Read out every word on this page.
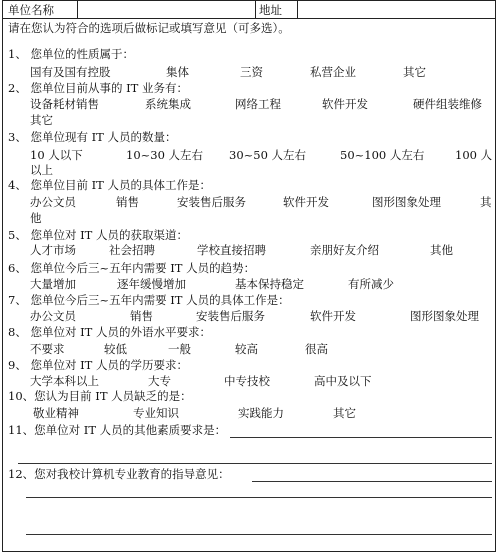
单位名称	地址
请在您认为符合的选项后做标记或填写意见（可多选）。
1、 您单位的性质属于：
国有及国有控股	集体	三资	私营企业	其它
2、 您单位目前从事的 IT 业务有：
设备耗材销售	系统集成	网络工程	软件开发	硬件组装维修
其它
3、 您单位现有 IT 人员的数量：
10 人以下	10~30 人左右 30~50 人左右	50~100 人左右	100 人
以上
4、 您单位目前 IT 人员的具体工作是：
办公文员	销售	安装售后服务	软件开发	图形图象处理	其
他
5、 您单位对 IT 人员的获取渠道：
人才市场	社会招聘	学校直接招聘	亲朋好友介绍	其他
6、 您单位今后三~五年内需要 IT 人员的趋势：
大量增加	逐年缓慢增加	基本保持稳定	有所减少
7、 您单位今后三~五年内需要 IT 人员的具体工作是：
办公文员	销售	安装售后服务	软件开发	图形图象处理
8、 您单位对 IT 人员的外语水平要求：
不要求	较低	一般	较高	很高
9、 您单位对 IT 人员的学历要求：
大学本科以上	大专	中专技校	高中及以下
10、您认为目前 IT 人员缺乏的是：
敬业精神	专业知识	实践能力	其它
11、您单位对 IT 人员的其他素质要求是：
12、您对我校计算机专业教育的指导意见：
